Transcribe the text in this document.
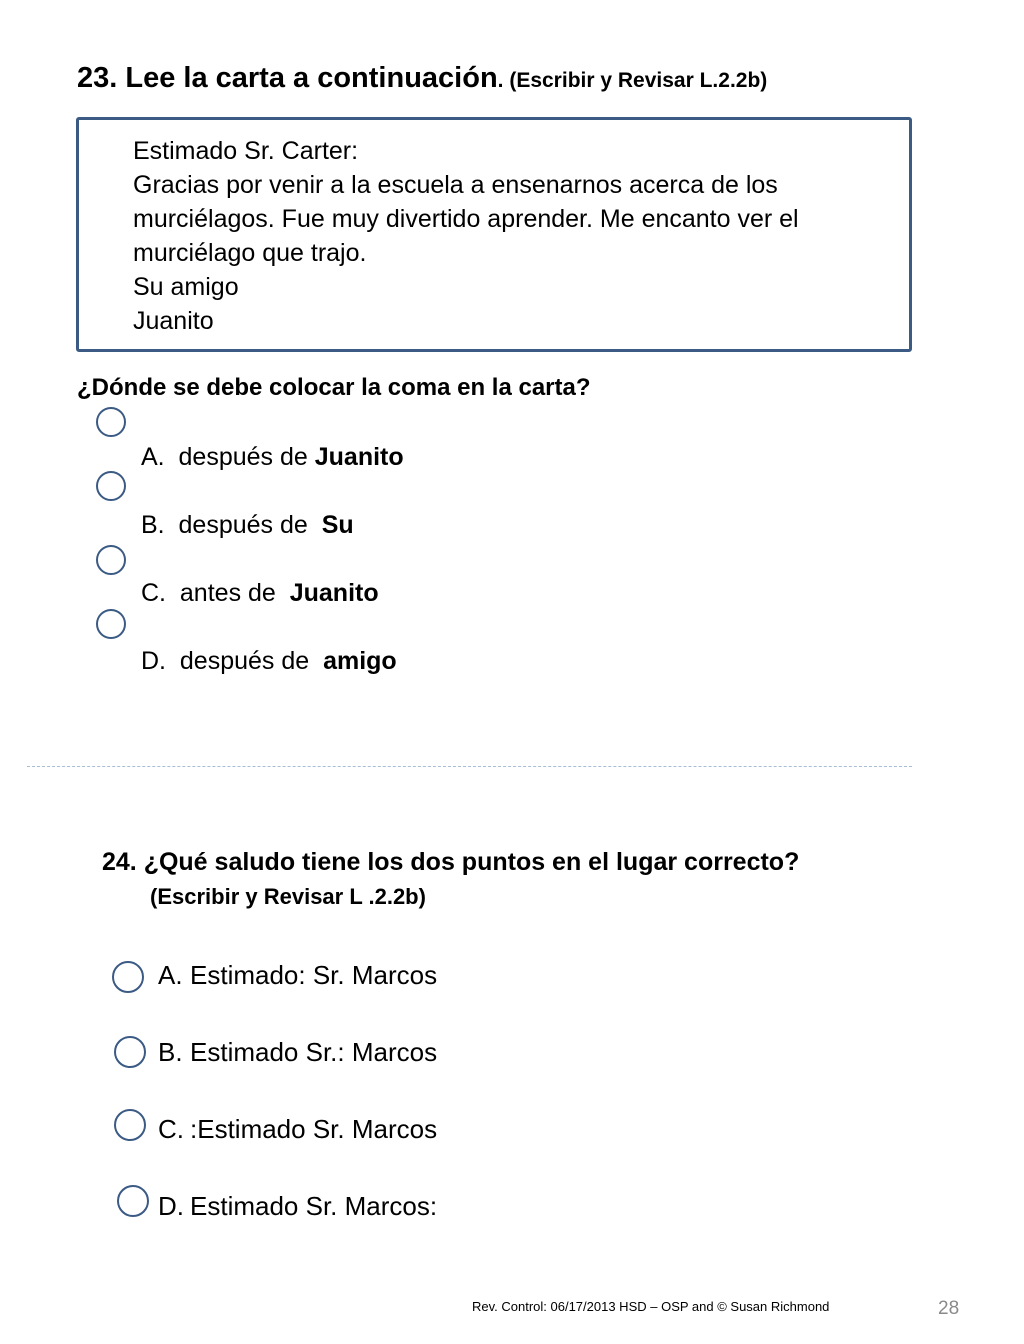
23. Lee la carta a continuación. (Escribir y Revisar L.2.2b)
Estimado Sr. Carter:
Gracias por venir a la escuela a ensenarnos acerca de los
murciélagos. Fue muy divertido aprender. Me encanto ver el
murciélago que trajo.
Su amigo
Juanito
¿Dónde se debe colocar la coma en la carta?
A. después de Juanito
B. después de  Su
C. antes de  Juanito
D. después de  amigo
24. ¿Qué saludo tiene los dos puntos en el lugar correcto?
(Escribir y Revisar L .2.2b)
A. Estimado: Sr. Marcos
B. Estimado Sr.: Marcos
C. :Estimado Sr. Marcos
D. Estimado Sr. Marcos:
Rev. Control: 06/17/2013 HSD – OSP and © Susan Richmond	28
